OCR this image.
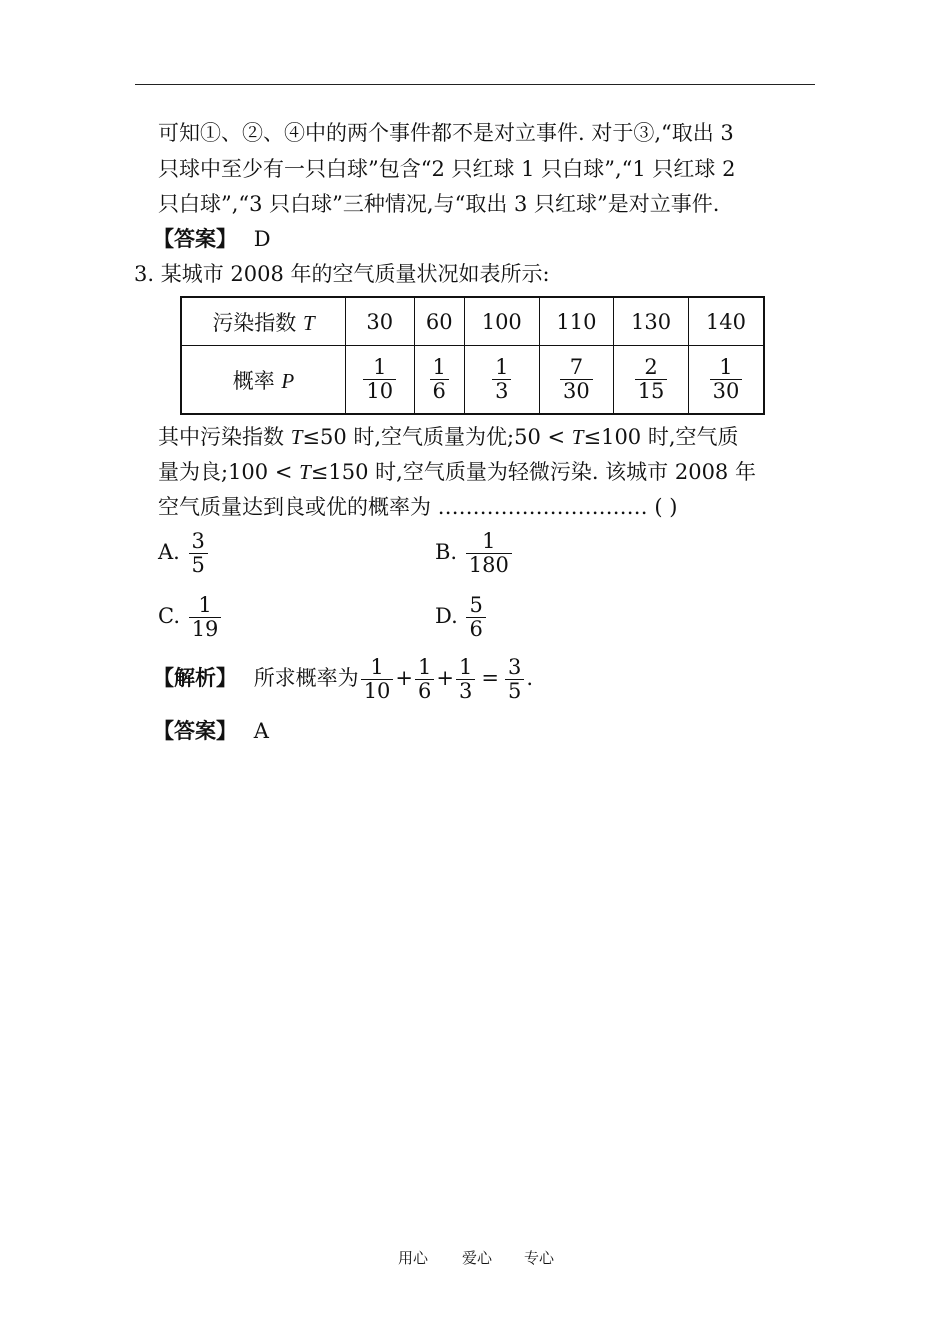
可知①、②、④中的两个事件都不是对立事件. 对于③,“取出 3
只球中至少有一只白球”包含“2 只红球 1 只白球”,“1 只红球 2
只白球”,“3 只白球”三种情况,与“取出 3 只红球”是对立事件.
【答案】 D
3. 某城市 2008 年的空气质量状况如表所示:
污染指数 T	30	60	100	110	130	140
概率 P	$\frac{1}{10}$	$\frac{1}{6}$	$\frac{1}{3}$	$\frac{7}{30}$	$\frac{2}{15}$	$\frac{1}{30}$
其中污染指数 T≤50 时,空气质量为优;50 < T≤100 时,空气质
量为良;100 < T≤150 时,空气质量为轻微污染. 该城市 2008 年
空气质量达到良或优的概率为 ………………………… ( )
A. $\frac{3}{5}$	B. $\frac{1}{180}$
C. $\frac{1}{19}$	D. $\frac{5}{6}$
【解析】 所求概率为 $\frac{1}{10} + \frac{1}{6} + \frac{1}{3} = \frac{3}{5}$ .
【答案】 A
用心 爱心 专心
